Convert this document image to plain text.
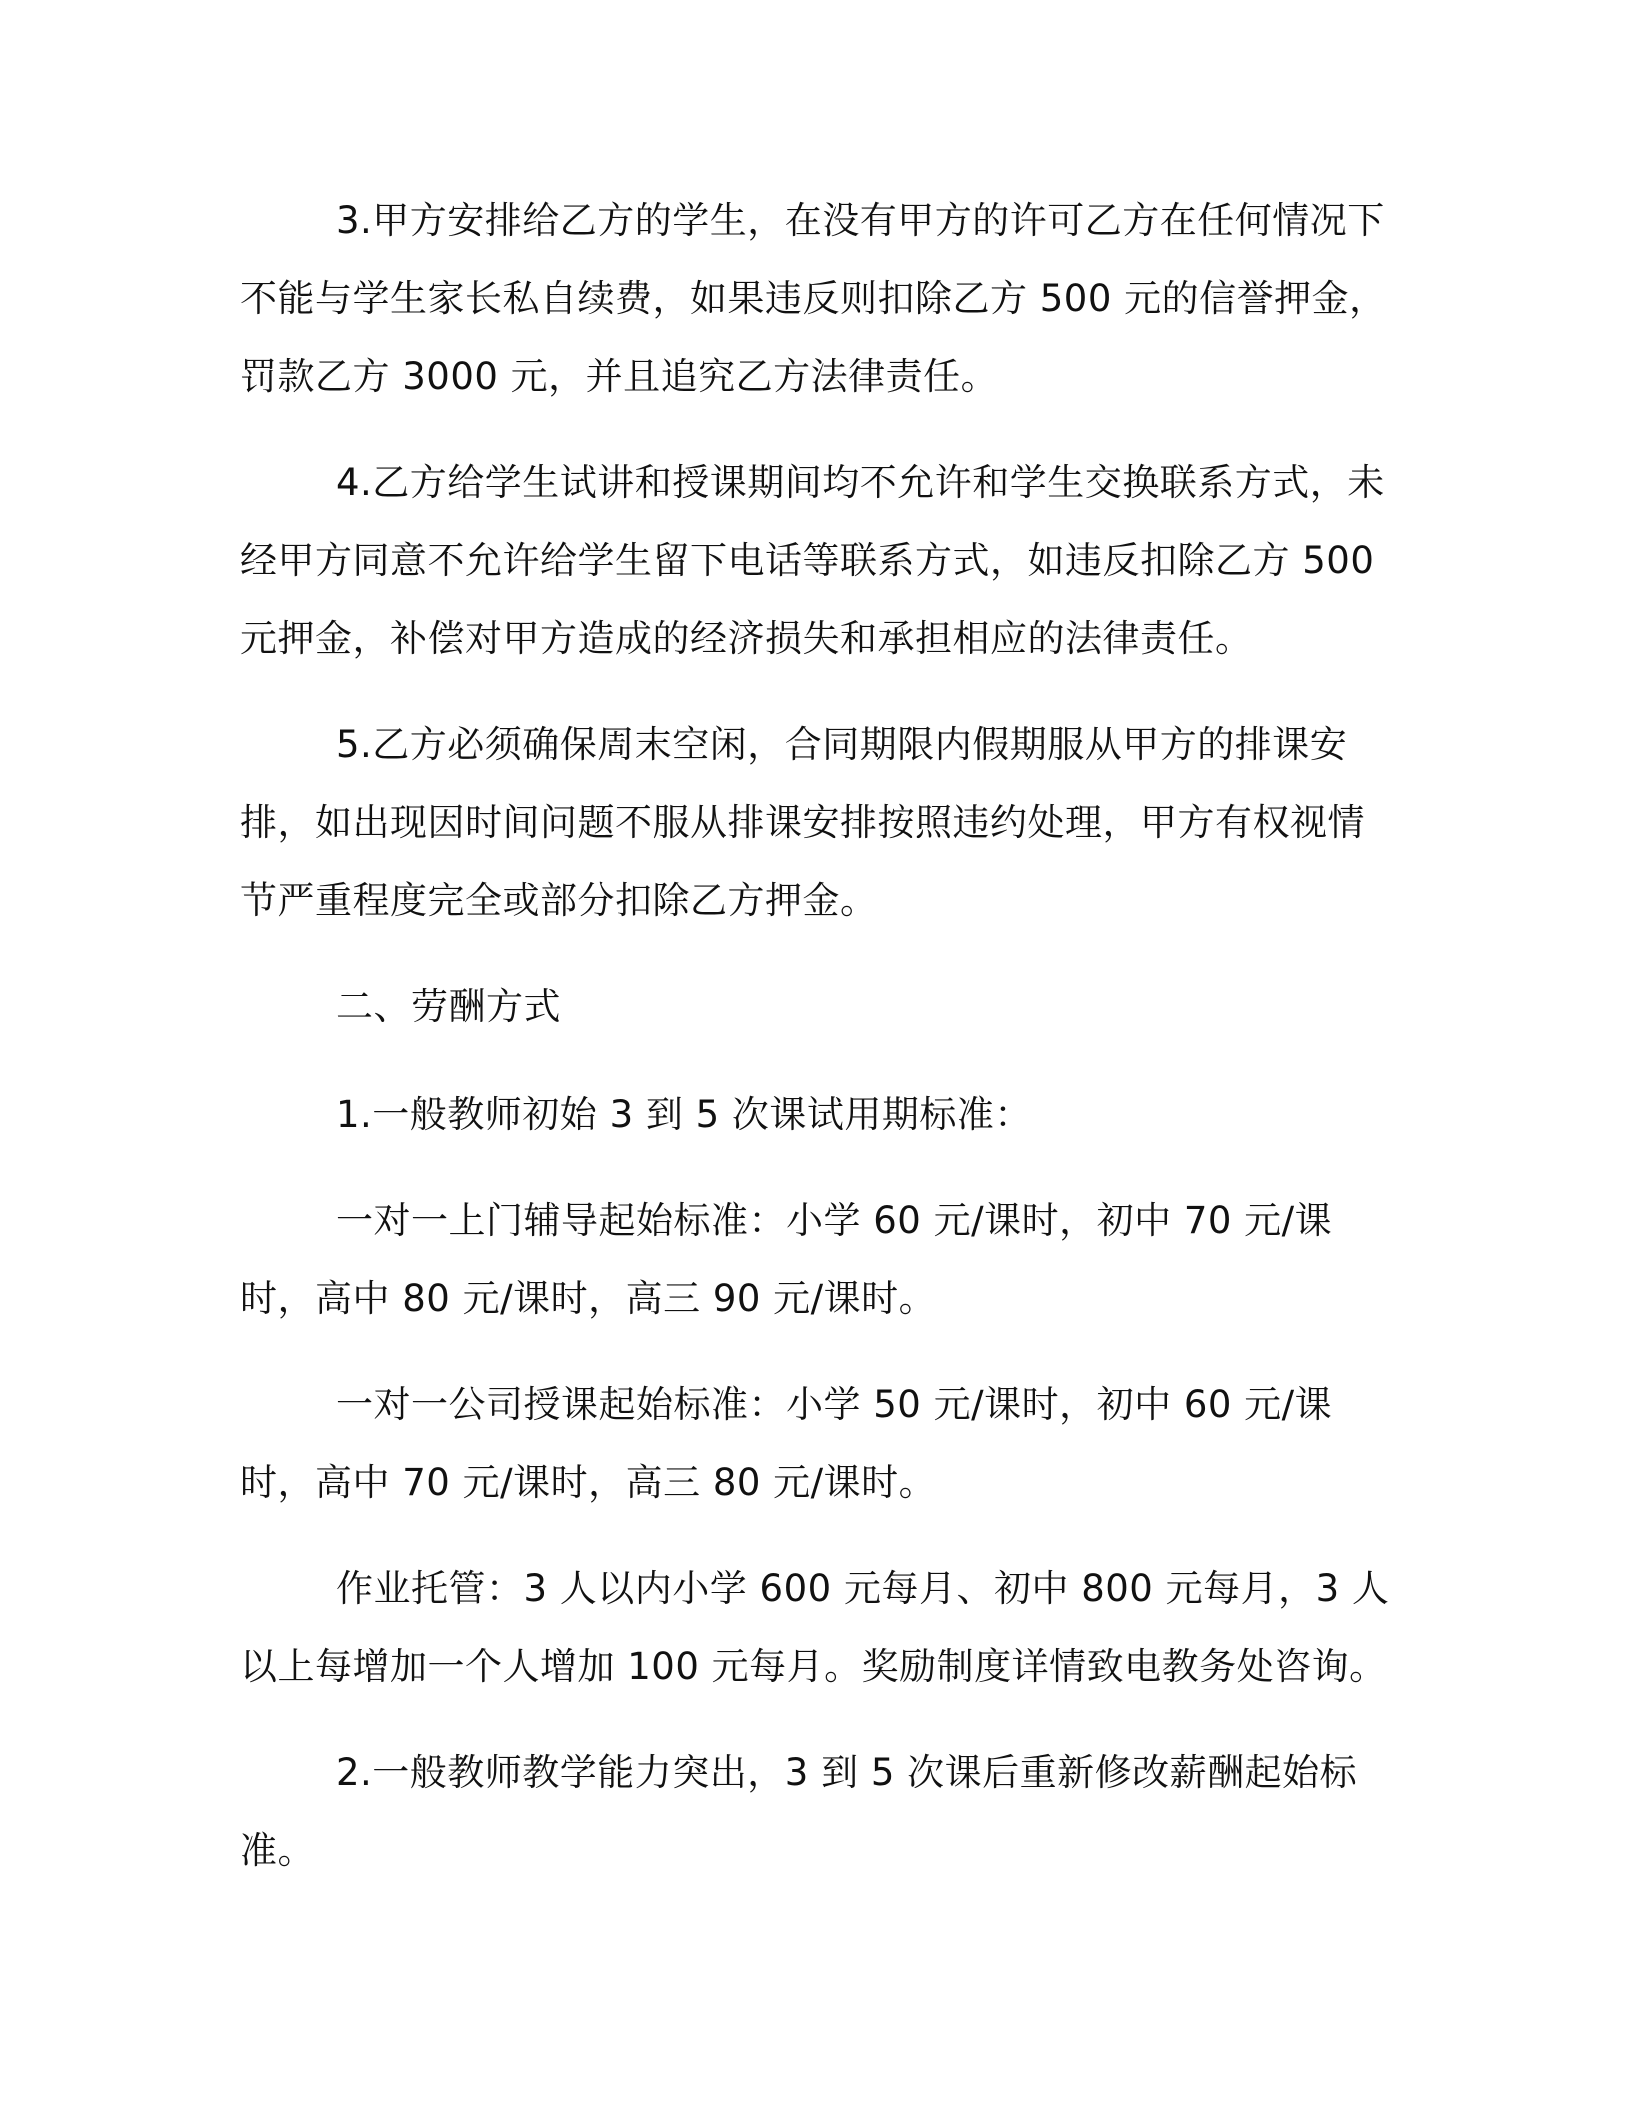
3.甲方安排给乙方的学生，在没有甲方的许可乙方在任何情况下不能与学生家长私自续费，如果违反则扣除乙方 500 元的信誉押金，罚款乙方 3000 元，并且追究乙方法律责任。

4.乙方给学生试讲和授课期间均不允许和学生交换联系方式，未经甲方同意不允许给学生留下电话等联系方式，如违反扣除乙方 500 元押金，补偿对甲方造成的经济损失和承担相应的法律责任。

5.乙方必须确保周末空闲，合同期限内假期服从甲方的排课安排，如出现因时间问题不服从排课安排按照违约处理，甲方有权视情节严重程度完全或部分扣除乙方押金。

二、劳酬方式

1.一般教师初始 3 到 5 次课试用期标准：

一对一上门辅导起始标准：小学 60 元/课时，初中 70 元/课时，高中 80 元/课时，高三 90 元/课时。

一对一公司授课起始标准：小学 50 元/课时，初中 60 元/课时，高中 70 元/课时，高三 80 元/课时。

作业托管：3 人以内小学 600 元每月、初中 800 元每月，3 人以上每增加一个人增加 100 元每月。奖励制度详情致电教务处咨询。

2.一般教师教学能力突出，3 到 5 次课后重新修改薪酬起始标准。
